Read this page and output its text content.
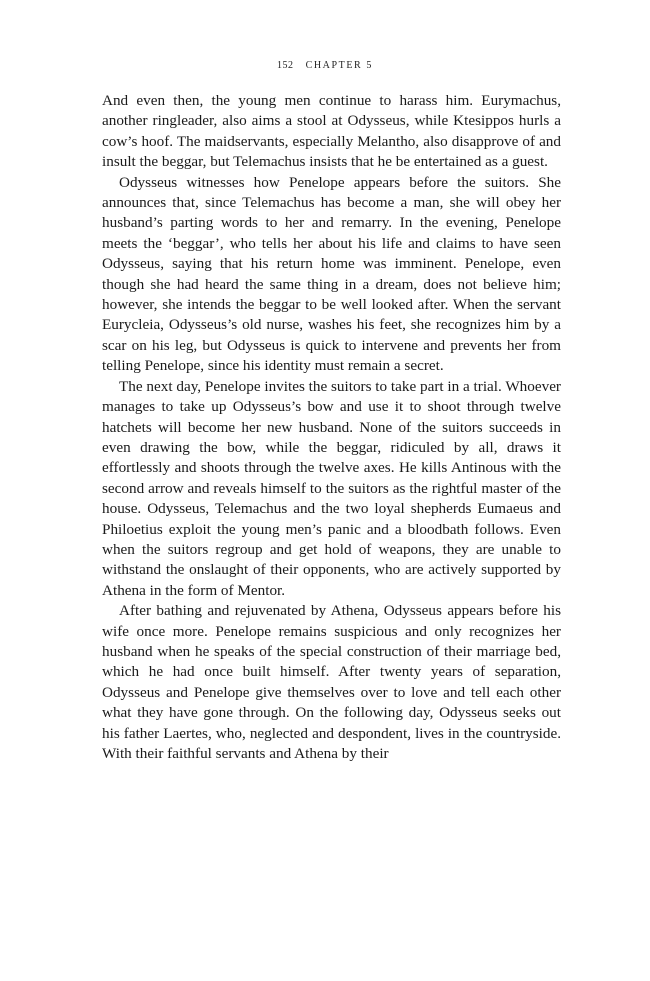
152 CHAPTER 5

And even then, the young men continue to harass him. Eurymachus, another ringleader, also aims a stool at Odysseus, while Ktesippos hurls a cow’s hoof. The maidservants, especially Melantho, also disapprove of and insult the beggar, but Telemachus insists that he be entertained as a guest.

Odysseus witnesses how Penelope appears before the suitors. She announces that, since Telemachus has become a man, she will obey her husband’s parting words to her and remarry. In the evening, Penelope meets the ‘beggar’, who tells her about his life and claims to have seen Odysseus, saying that his return home was imminent. Penelope, even though she had heard the same thing in a dream, does not believe him; however, she intends the beggar to be well looked after. When the servant Eurycleia, Odysseus’s old nurse, washes his feet, she recognizes him by a scar on his leg, but Odysseus is quick to intervene and prevents her from telling Penelope, since his identity must remain a secret.

The next day, Penelope invites the suitors to take part in a trial. Whoever manages to take up Odysseus’s bow and use it to shoot through twelve hatchets will become her new husband. None of the suitors succeeds in even drawing the bow, while the beggar, ridiculed by all, draws it effortlessly and shoots through the twelve axes. He kills Antinous with the second arrow and reveals himself to the suitors as the rightful master of the house. Odysseus, Telemachus and the two loyal shepherds Eumaeus and Philoetius exploit the young men’s panic and a bloodbath follows. Even when the suitors regroup and get hold of weapons, they are unable to withstand the onslaught of their opponents, who are actively supported by Athena in the form of Mentor.

After bathing and rejuvenated by Athena, Odysseus appears before his wife once more. Penelope remains suspicious and only recognizes her husband when he speaks of the special construction of their marriage bed, which he had once built himself. After twenty years of separation, Odysseus and Penelope give themselves over to love and tell each other what they have gone through. On the following day, Odysseus seeks out his father Laertes, who, neglected and despondent, lives in the countryside. With their faithful servants and Athena by their
